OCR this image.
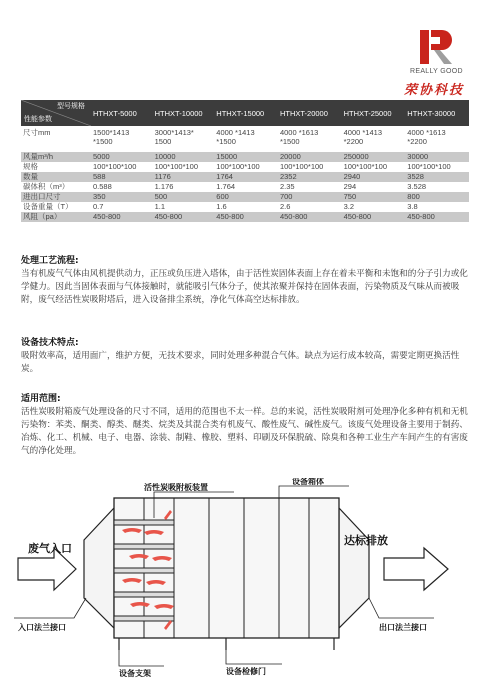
REALLY GOOD
荣协科技
型号规格
性能参数	HTHXT-5000	HTHXT-10000	HTHXT-15000	HTHXT-20000	HTHXT-25000	HTHXT-30000
尺寸mm	1500*1413 *1500	3000*1413* 1500	4000 *1413 *1500	4000 *1613 *1500	4000 *1413 *2200	4000 *1613 *2200
风量m³/h	5000	10000	15000	20000	250000	30000
规格	100*100*100	100*100*100	100*100*100	100*100*100	100*100*100	100*100*100
数量	588	1176	1764	2352	2940	3528
碳体积（m³）	0.588	1.176	1.764	2.35	294	3.528
进出口尺寸	350	500	600	700	750	800
设备重量（T）	0.7	1.1	1.6	2.6	3.2	3.8
风阻（pa）	450-800	450-800	450-800	450-800	450-800	450-800
处理工艺流程:

当有机废气气体由风机提供动力，正压或负压进入塔体，由于活性炭固体表面上存在着未平衡和未饱和的分子引力或化学健力。因此当固体表面与气体接触时，就能吸引气体分子，使其浓聚并保持在固体表面，污染物质及气味从而被吸附，废气经活性炭吸附塔后，进入设备排尘系统，净化气体高空达标排放。

设备技术特点:

吸附效率高，适用面广，维护方便，无技术要求，同时处理多种混合气体。缺点为运行成本较高，需要定期更换活性炭。

适用范围:

活性炭吸附箱废气处理设备的尺寸不同，适用的范围也不太一样。总的来说，活性炭吸附剂可处理净化多种有机和无机污染物：苯类、酮类、醇类、醚类、烷类及其混合类有机废气、酸性废气、碱性废气。该废气处理设备主要用于制药、冶炼、化工、机械、电子、电器、涂装、制鞋、橡胶、塑料、印刷及环保脱硫、除臭和各种工业生产车间产生的有害废气的净化处理。

废气入口
达标排放
活性炭吸附板装置
设备箱体
入口法兰接口	出口法兰接口
设备支架	设备检修门
